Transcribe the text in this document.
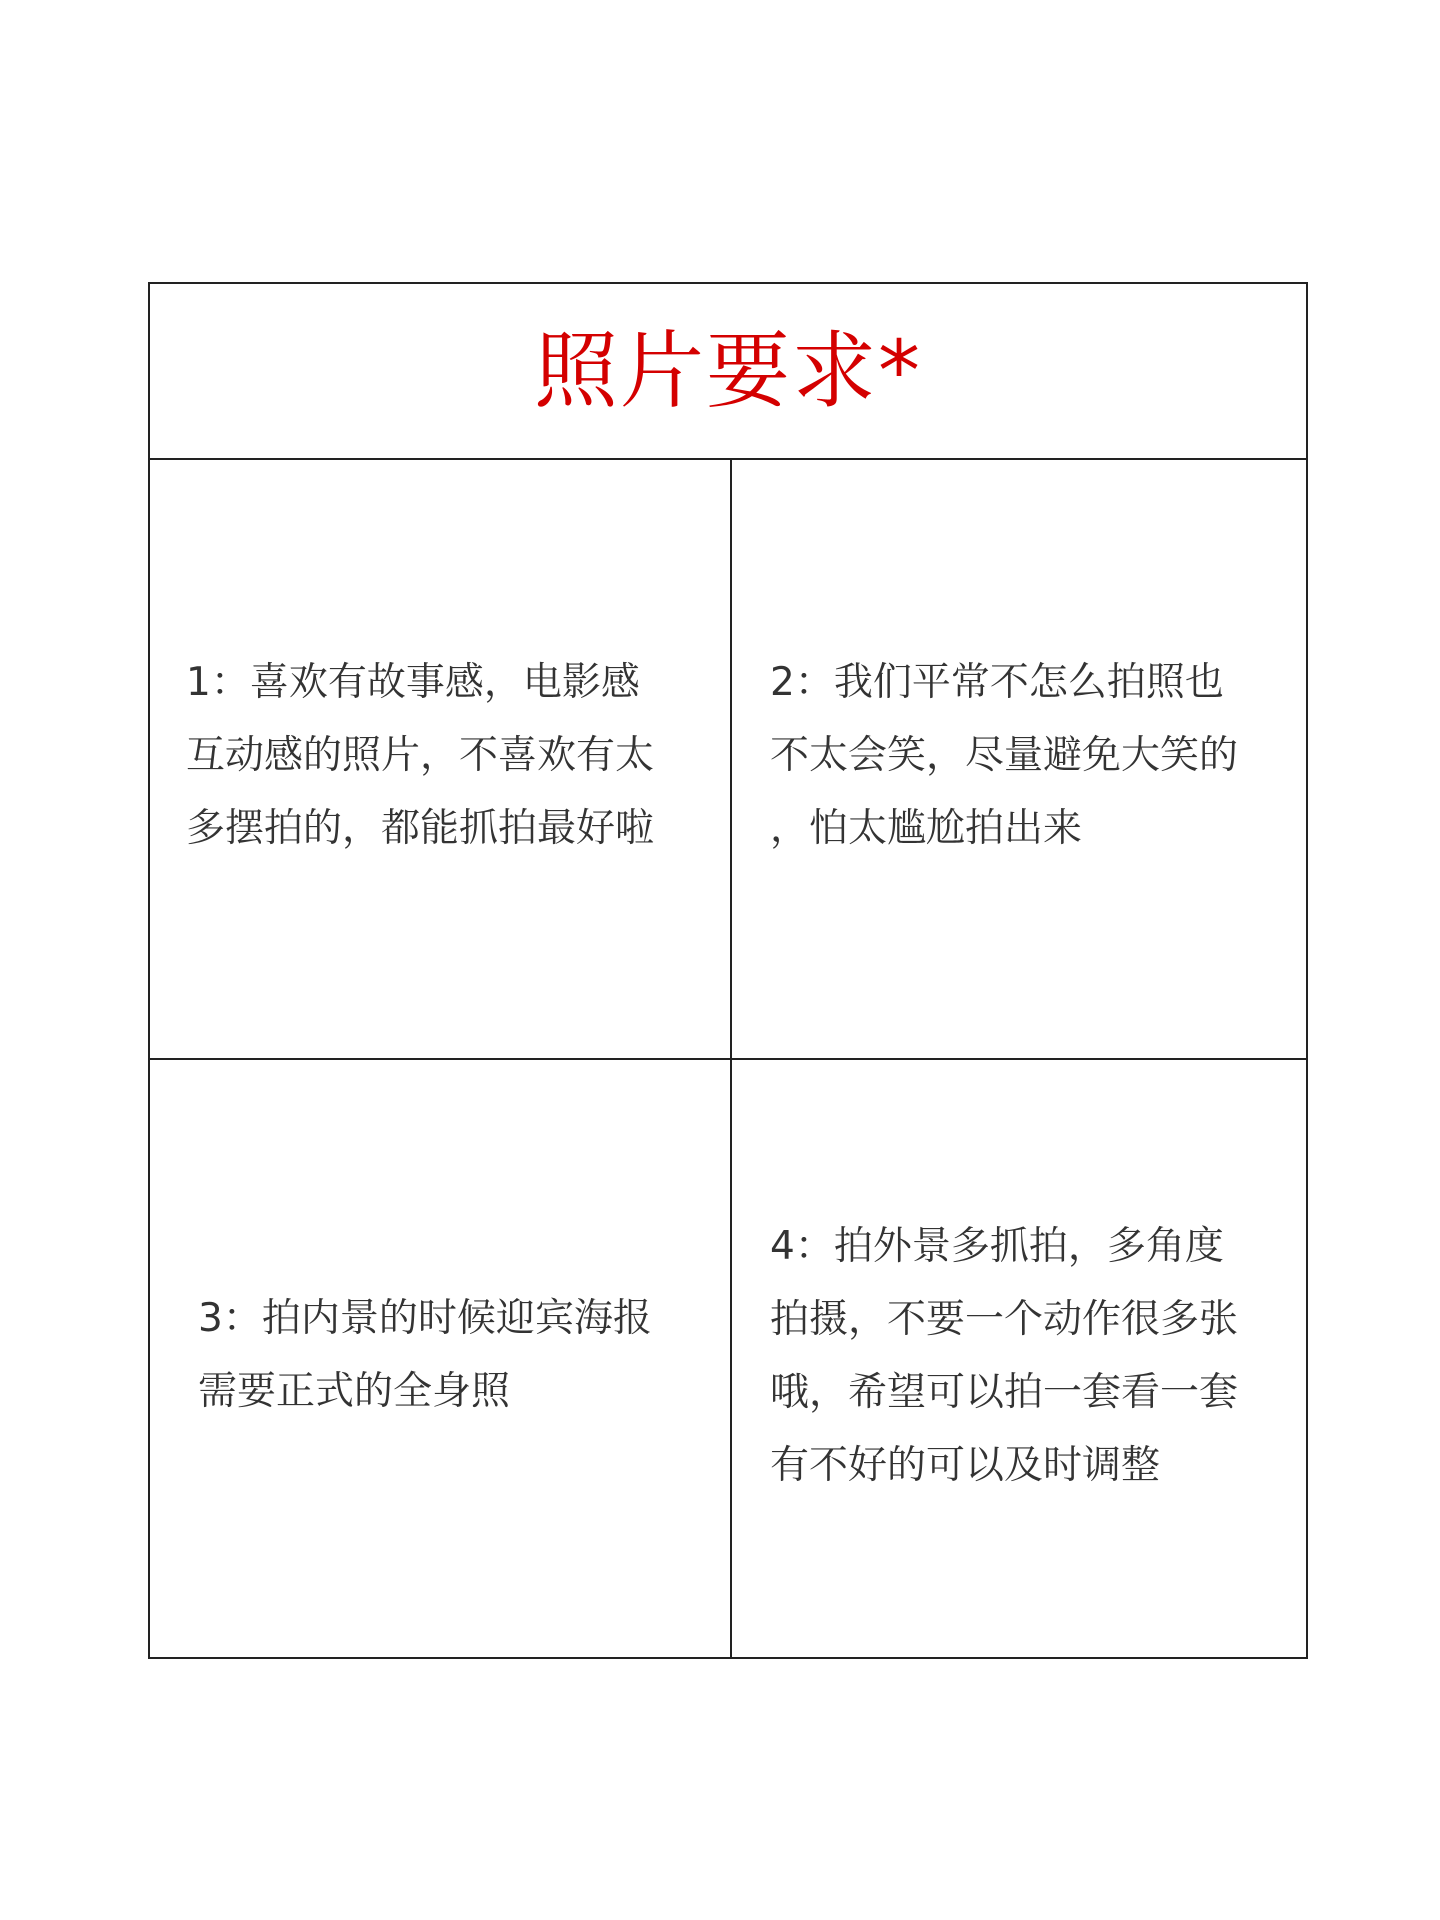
照片要求*
1：喜欢有故事感，电影感
互动感的照片，不喜欢有太
多摆拍的，都能抓拍最好啦
2：我们平常不怎么拍照也
不太会笑，尽量避免大笑的
，怕太尴尬拍出来
3：拍内景的时候迎宾海报
需要正式的全身照
4：拍外景多抓拍，多角度
拍摄，不要一个动作很多张
哦，希望可以拍一套看一套
有不好的可以及时调整
